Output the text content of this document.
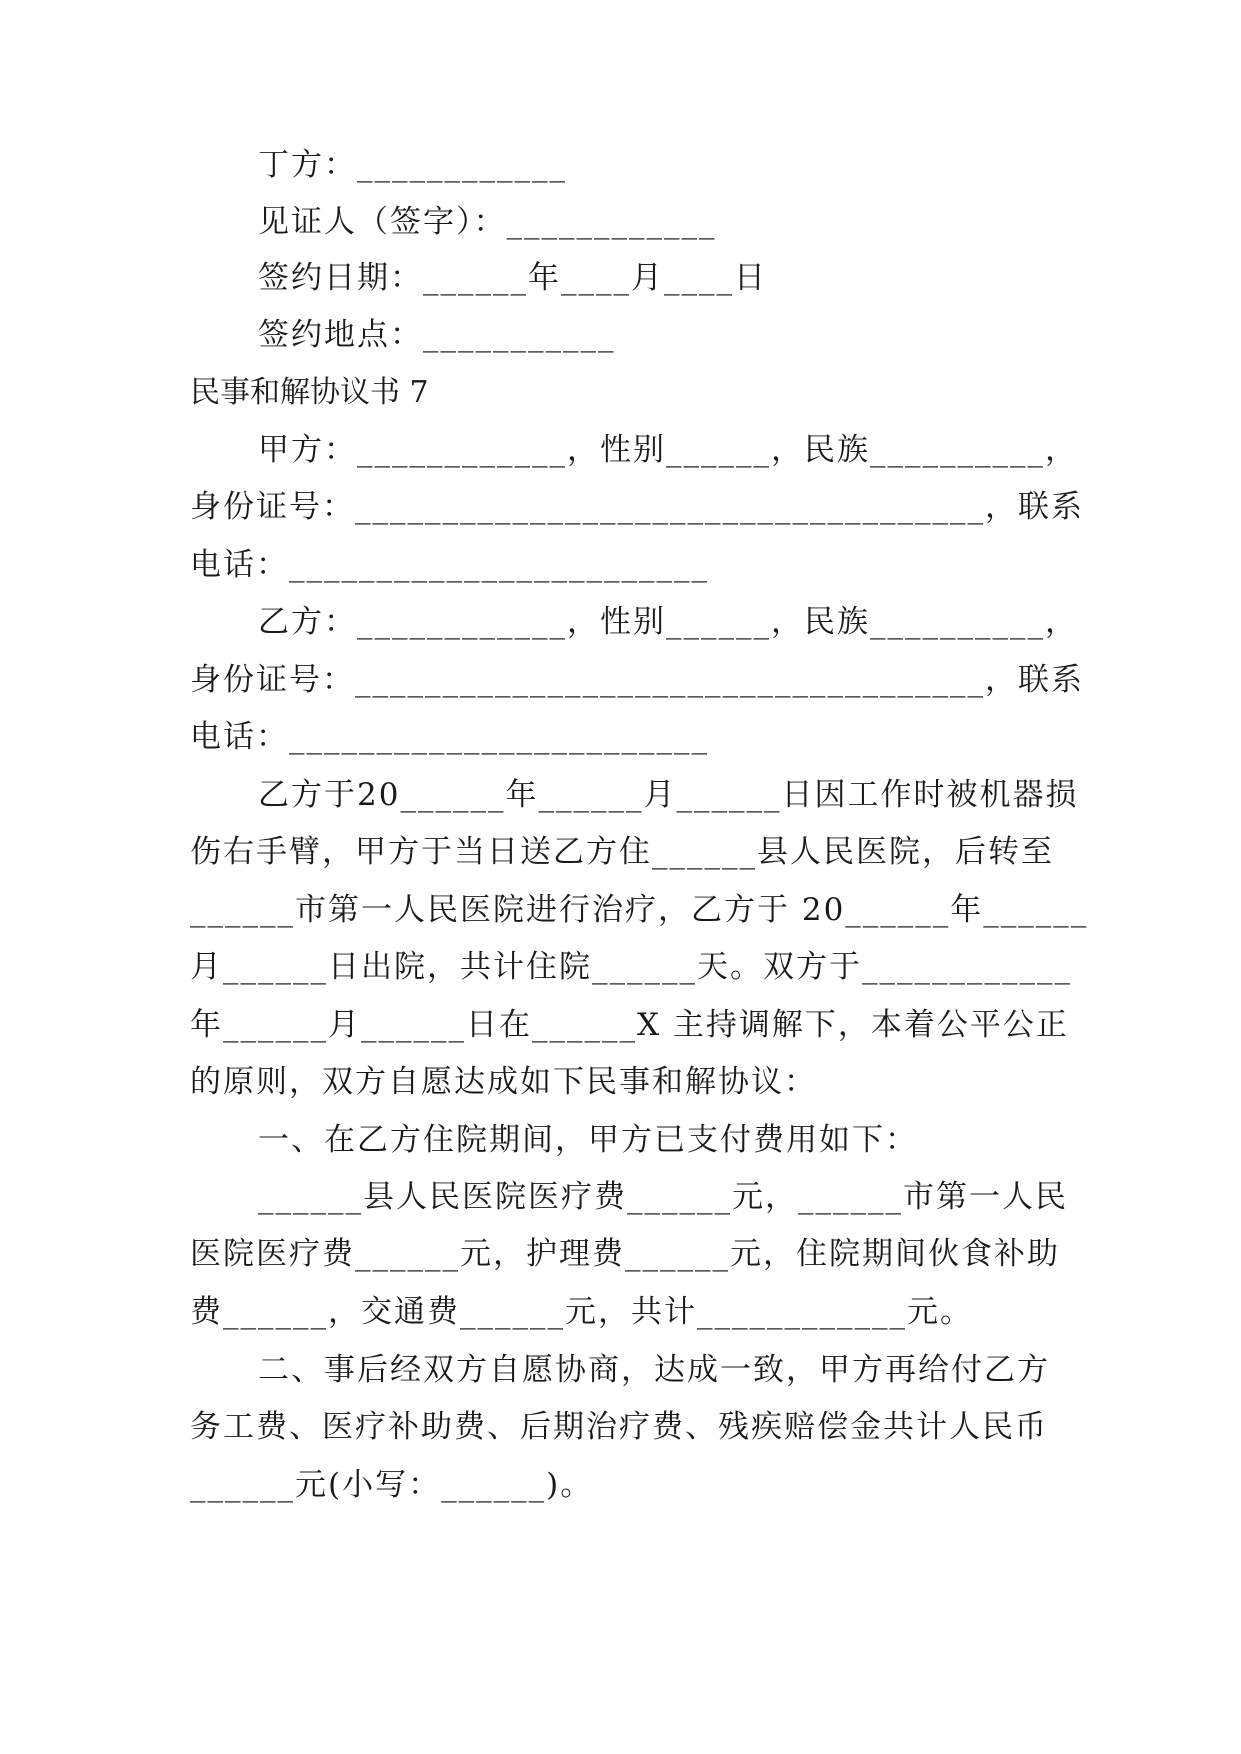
丁方：____________
见证人（签字）：____________
签约日期：______年____月____日
签约地点：___________
民事和解协议书 7
甲方：____________，性别______，民族__________，
身份证号：____________________________________，联系
电话：________________________
乙方：____________，性别______，民族__________，
身份证号：____________________________________，联系
电话：________________________
乙方于20______年______月______日因工作时被机器损
伤右手臂，甲方于当日送乙方住______县人民医院，后转至
______市第一人民医院进行治疗，乙方于 20______年______
月______日出院，共计住院______天。双方于____________
年______月______日在______X 主持调解下，本着公平公正
的原则，双方自愿达成如下民事和解协议：
一、在乙方住院期间，甲方已支付费用如下：
______县人民医院医疗费______元，______市第一人民
医院医疗费______元，护理费______元，住院期间伙食补助
费______，交通费______元，共计____________元。
二、事后经双方自愿协商，达成一致，甲方再给付乙方
务工费、医疗补助费、后期治疗费、残疾赔偿金共计人民币
______元(小写：______)。
